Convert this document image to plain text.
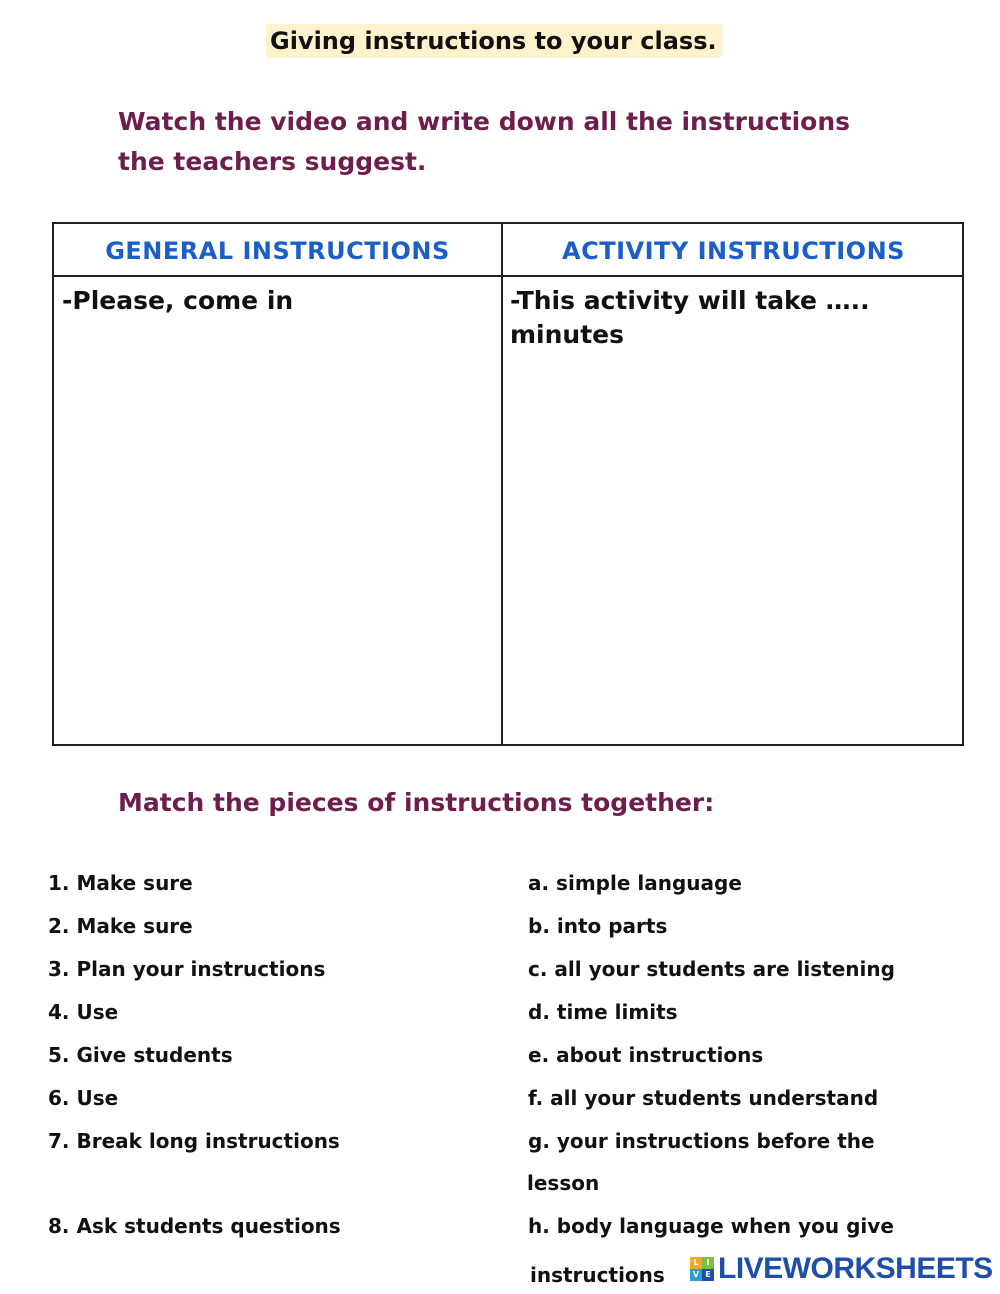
Giving instructions to your class.
Watch the video and write down all the instructions the teachers suggest.
GENERAL INSTRUCTIONS	ACTIVITY INSTRUCTIONS
-Please, come in	-This activity will take ….. minutes
Match the pieces of instructions together:
1. Make sure
2. Make sure
3. Plan your instructions
4. Use
5. Give students
6. Use
7. Break long instructions
8. Ask students questions
a. simple language
b. into parts
c. all your students are listening
d. time limits
e. about instructions
f. all your students understand
g. your instructions before the
lesson
h. body language when you give
instructions
L I
V E LIVEWORKSHEETS
